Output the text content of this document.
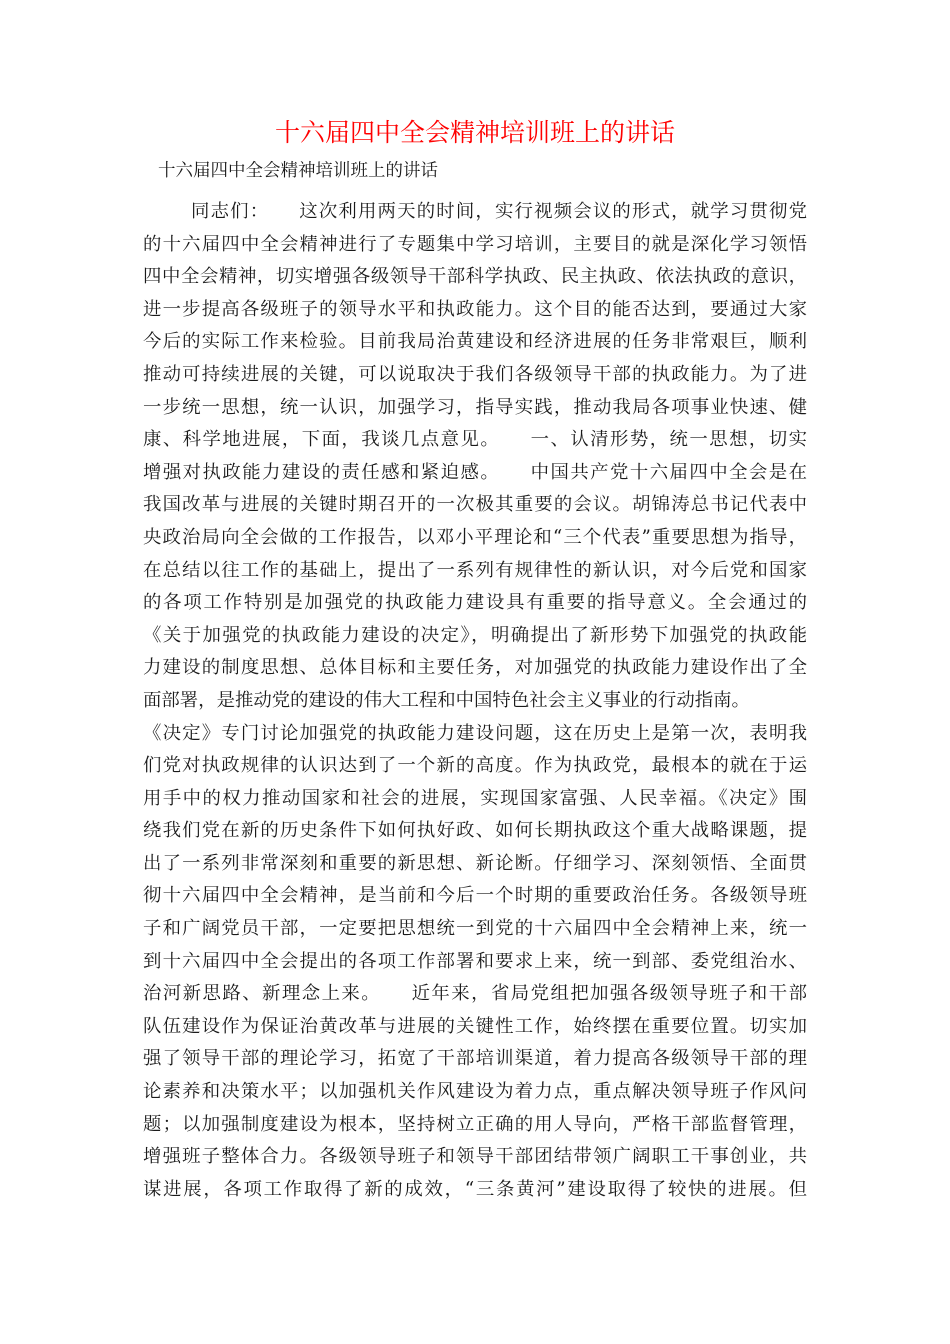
十六届四中全会精神培训班上的讲话
十六届四中全会精神培训班上的讲话
同志们：　　这次利用两天的时间，实行视频会议的形式，就学习贯彻党
的十六届四中全会精神进行了专题集中学习培训，主要目的就是深化学习领悟
四中全会精神，切实增强各级领导干部科学执政、民主执政、依法执政的意识，
进一步提高各级班子的领导水平和执政能力。这个目的能否达到，要通过大家
今后的实际工作来检验。目前我局治黄建设和经济进展的任务非常艰巨，顺利
推动可持续进展的关键，可以说取决于我们各级领导干部的执政能力。为了进
一步统一思想，统一认识，加强学习，指导实践，推动我局各项事业快速、健
康、科学地进展，下面，我谈几点意见。　　一、认清形势，统一思想，切实
增强对执政能力建设的责任感和紧迫感。　　中国共产党十六届四中全会是在
我国改革与进展的关键时期召开的一次极其重要的会议。胡锦涛总书记代表中
央政治局向全会做的工作报告，以邓小平理论和“三个代表”重要思想为指导，
在总结以往工作的基础上，提出了一系列有规律性的新认识，对今后党和国家
的各项工作特别是加强党的执政能力建设具有重要的指导意义。全会通过的
《关于加强党的执政能力建设的决定》，明确提出了新形势下加强党的执政能
力建设的制度思想、总体目标和主要任务，对加强党的执政能力建设作出了全
面部署，是推动党的建设的伟大工程和中国特色社会主义事业的行动指南。
《决定》专门讨论加强党的执政能力建设问题，这在历史上是第一次，表明我
们党对执政规律的认识达到了一个新的高度。作为执政党，最根本的就在于运
用手中的权力推动国家和社会的进展，实现国家富强、人民幸福。《决定》围
绕我们党在新的历史条件下如何执好政、如何长期执政这个重大战略课题，提
出了一系列非常深刻和重要的新思想、新论断。仔细学习、深刻领悟、全面贯
彻十六届四中全会精神，是当前和今后一个时期的重要政治任务。各级领导班
子和广阔党员干部，一定要把思想统一到党的十六届四中全会精神上来，统一
到十六届四中全会提出的各项工作部署和要求上来，统一到部、委党组治水、
治河新思路、新理念上来。　　近年来，省局党组把加强各级领导班子和干部
队伍建设作为保证治黄改革与进展的关键性工作，始终摆在重要位置。切实加
强了领导干部的理论学习，拓宽了干部培训渠道，着力提高各级领导干部的理
论素养和决策水平；以加强机关作风建设为着力点，重点解决领导班子作风问
题；以加强制度建设为根本，坚持树立正确的用人导向，严格干部监督管理，
增强班子整体合力。各级领导班子和领导干部团结带领广阔职工干事创业，共
谋进展，各项工作取得了新的成效，“三条黄河”建设取得了较快的进展。但
